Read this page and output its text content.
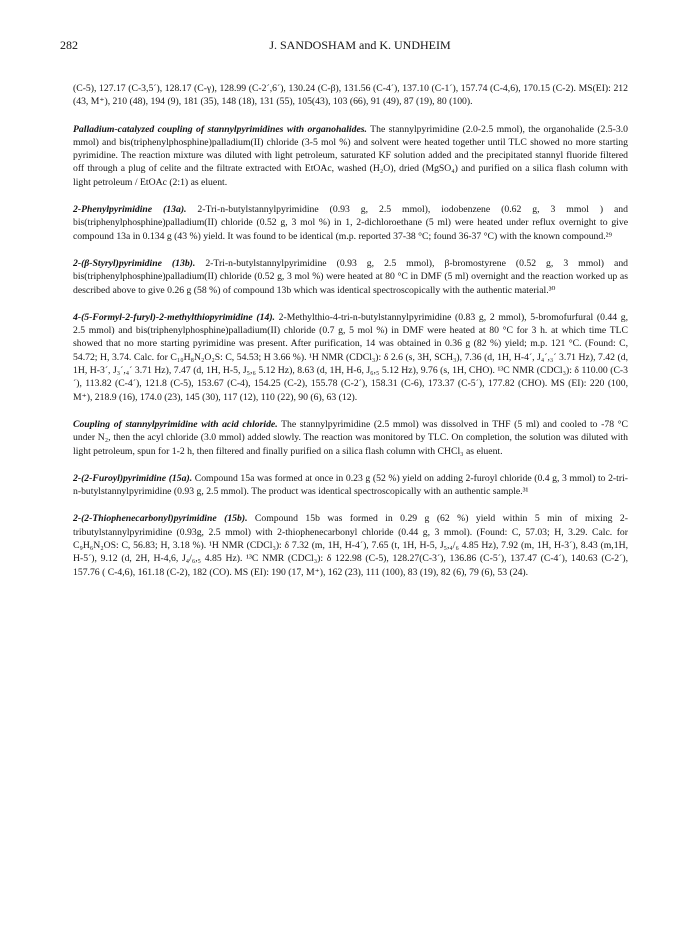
282	J. SANDOSHAM and K. UNDHEIM

(C-5), 127.17 (C-3,5´), 128.17 (C-γ), 128.99 (C-2´,6´), 130.24 (C-β), 131.56 (C-4´), 137.10 (C-1´), 157.74 (C-4,6), 170.15 (C-2). MS(EI): 212 (43, M⁺), 210 (48), 194 (9), 181 (35), 148 (18), 131 (55), 105(43), 103 (66), 91 (49), 87 (19), 80 (100).

Palladium-catalyzed coupling of stannylpyrimidines with organohalides. The stannylpyrimidine (2.0-2.5 mmol), the organohalide (2.5-3.0 mmol) and bis(triphenylphosphine)palladium(II) chloride (3-5 mol %) and solvent were heated together until TLC showed no more starting pyrimidine. The reaction mixture was diluted with light petroleum, saturated KF solution added and the precipitated stannyl fluoride filtered off through a plug of celite and the filtrate extracted with EtOAc, washed (H₂O), dried (MgSO₄) and purified on a silica flash column with light petroleum / EtOAc (2:1) as eluent.

2-Phenylpyrimidine (13a). 2-Tri-n-butylstannylpyrimidine (0.93 g, 2.5 mmol), iodobenzene (0.62 g, 3 mmol ) and bis(triphenylphosphine)palladium(II) chloride (0.52 g, 3 mol %) in 1, 2-dichloroethane (5 ml) were heated under reflux overnight to give compound 13a in 0.134 g (43 %) yield. It was found to be identical (m.p. reported 37-38 °C; found 36-37 °C) with the known compound.²⁹

2-(β-Styryl)pyrimidine (13b). 2-Tri-n-butylstannylpyrimidine (0.93 g, 2.5 mmol), β-bromostyrene (0.52 g, 3 mmol) and bis(triphenylphosphine)palladium(II) chloride (0.52 g, 3 mol %) were heated at 80 °C in DMF (5 ml) overnight and the reaction worked up as described above to give 0.26 g (58 %) of compound 13b which was identical spectroscopically with the authentic material.³⁰

4-(5-Formyl-2-furyl)-2-methylthiopyrimidine (14). 2-Methylthio-4-tri-n-butylstannylpyrimidine (0.83 g, 2 mmol), 5-bromofurfural (0.44 g, 2.5 mmol) and bis(triphenylphosphine)palladium(II) chloride (0.7 g, 5 mol %) in DMF were heated at 80 °C for 3 h. at which time TLC showed that no more starting pyrimidine was present. After purification, 14 was obtained in 0.36 g (82 %) yield; m.p. 121 °C. (Found: C, 54.72; H, 3.74. Calc. for C₁₀H₈N₂O₂S: C, 54.53; H 3.66 %). ¹H NMR (CDCl₃): δ 2.6 (s, 3H, SCH₃), 7.36 (d, 1H, H-4´, J₄´,₃´ 3.71 Hz), 7.42 (d, 1H, H-3´, J₃´,₄´ 3.71 Hz), 7.47 (d, 1H, H-5, J₅,₆ 5.12 Hz), 8.63 (d, 1H, H-6, J₆,₅ 5.12 Hz), 9.76 (s, 1H, CHO). ¹³C NMR (CDCl₃): δ 110.00 (C-3´), 113.82 (C-4´), 121.8 (C-5), 153.67 (C-4), 154.25 (C-2), 155.78 (C-2´), 158.31 (C-6), 173.37 (C-5´), 177.82 (CHO). MS (EI): 220 (100, M⁺), 218.9 (16), 174.0 (23), 145 (30), 117 (12), 110 (22), 90 (6), 63 (12).

Coupling of stannylpyrimidine with acid chloride. The stannylpyrimidine (2.5 mmol) was dissolved in THF (5 ml) and cooled to -78 °C under N₂, then the acyl chloride (3.0 mmol) added slowly. The reaction was monitored by TLC. On completion, the solution was diluted with light petroleum, spun for 1-2 h, then filtered and finally purified on a silica flash column with CHCl₃ as eluent.

2-(2-Furoyl)pyrimidine (15a). Compound 15a was formed at once in 0.23 g (52 %) yield on adding 2-furoyl chloride (0.4 g, 3 mmol) to 2-tri-n-butylstannylpyrimidine (0.93 g, 2.5 mmol). The product was identical spectroscopically with an authentic sample.³¹

2-(2-Thiophenecarbonyl)pyrimidine (15b). Compound 15b was formed in 0.29 g (62 %) yield within 5 min of mixing 2-tributylstannylpyrimidine (0.93g, 2.5 mmol) with 2-thiophenecarbonyl chloride (0.44 g, 3 mmol). (Found: C, 57.03; H, 3.29. Calc. for C₉H₆N₂OS: C, 56.83; H, 3.18 %). ¹H NMR (CDCl₃): δ 7.32 (m, 1H, H-4´), 7.65 (t, 1H, H-5, J₅,₄/₆ 4.85 Hz), 7.92 (m, 1H, H-3´), 8.43 (m,1H, H-5´), 9.12 (d, 2H, H-4,6, J₄/₆,₅ 4.85 Hz). ¹³C NMR (CDCl₃): δ 122.98 (C-5), 128.27(C-3´), 136.86 (C-5´), 137.47 (C-4´), 140.63 (C-2´), 157.76 ( C-4,6), 161.18 (C-2), 182 (CO). MS (EI): 190 (17, M⁺), 162 (23), 111 (100), 83 (19), 82 (6), 79 (6), 53 (24).
